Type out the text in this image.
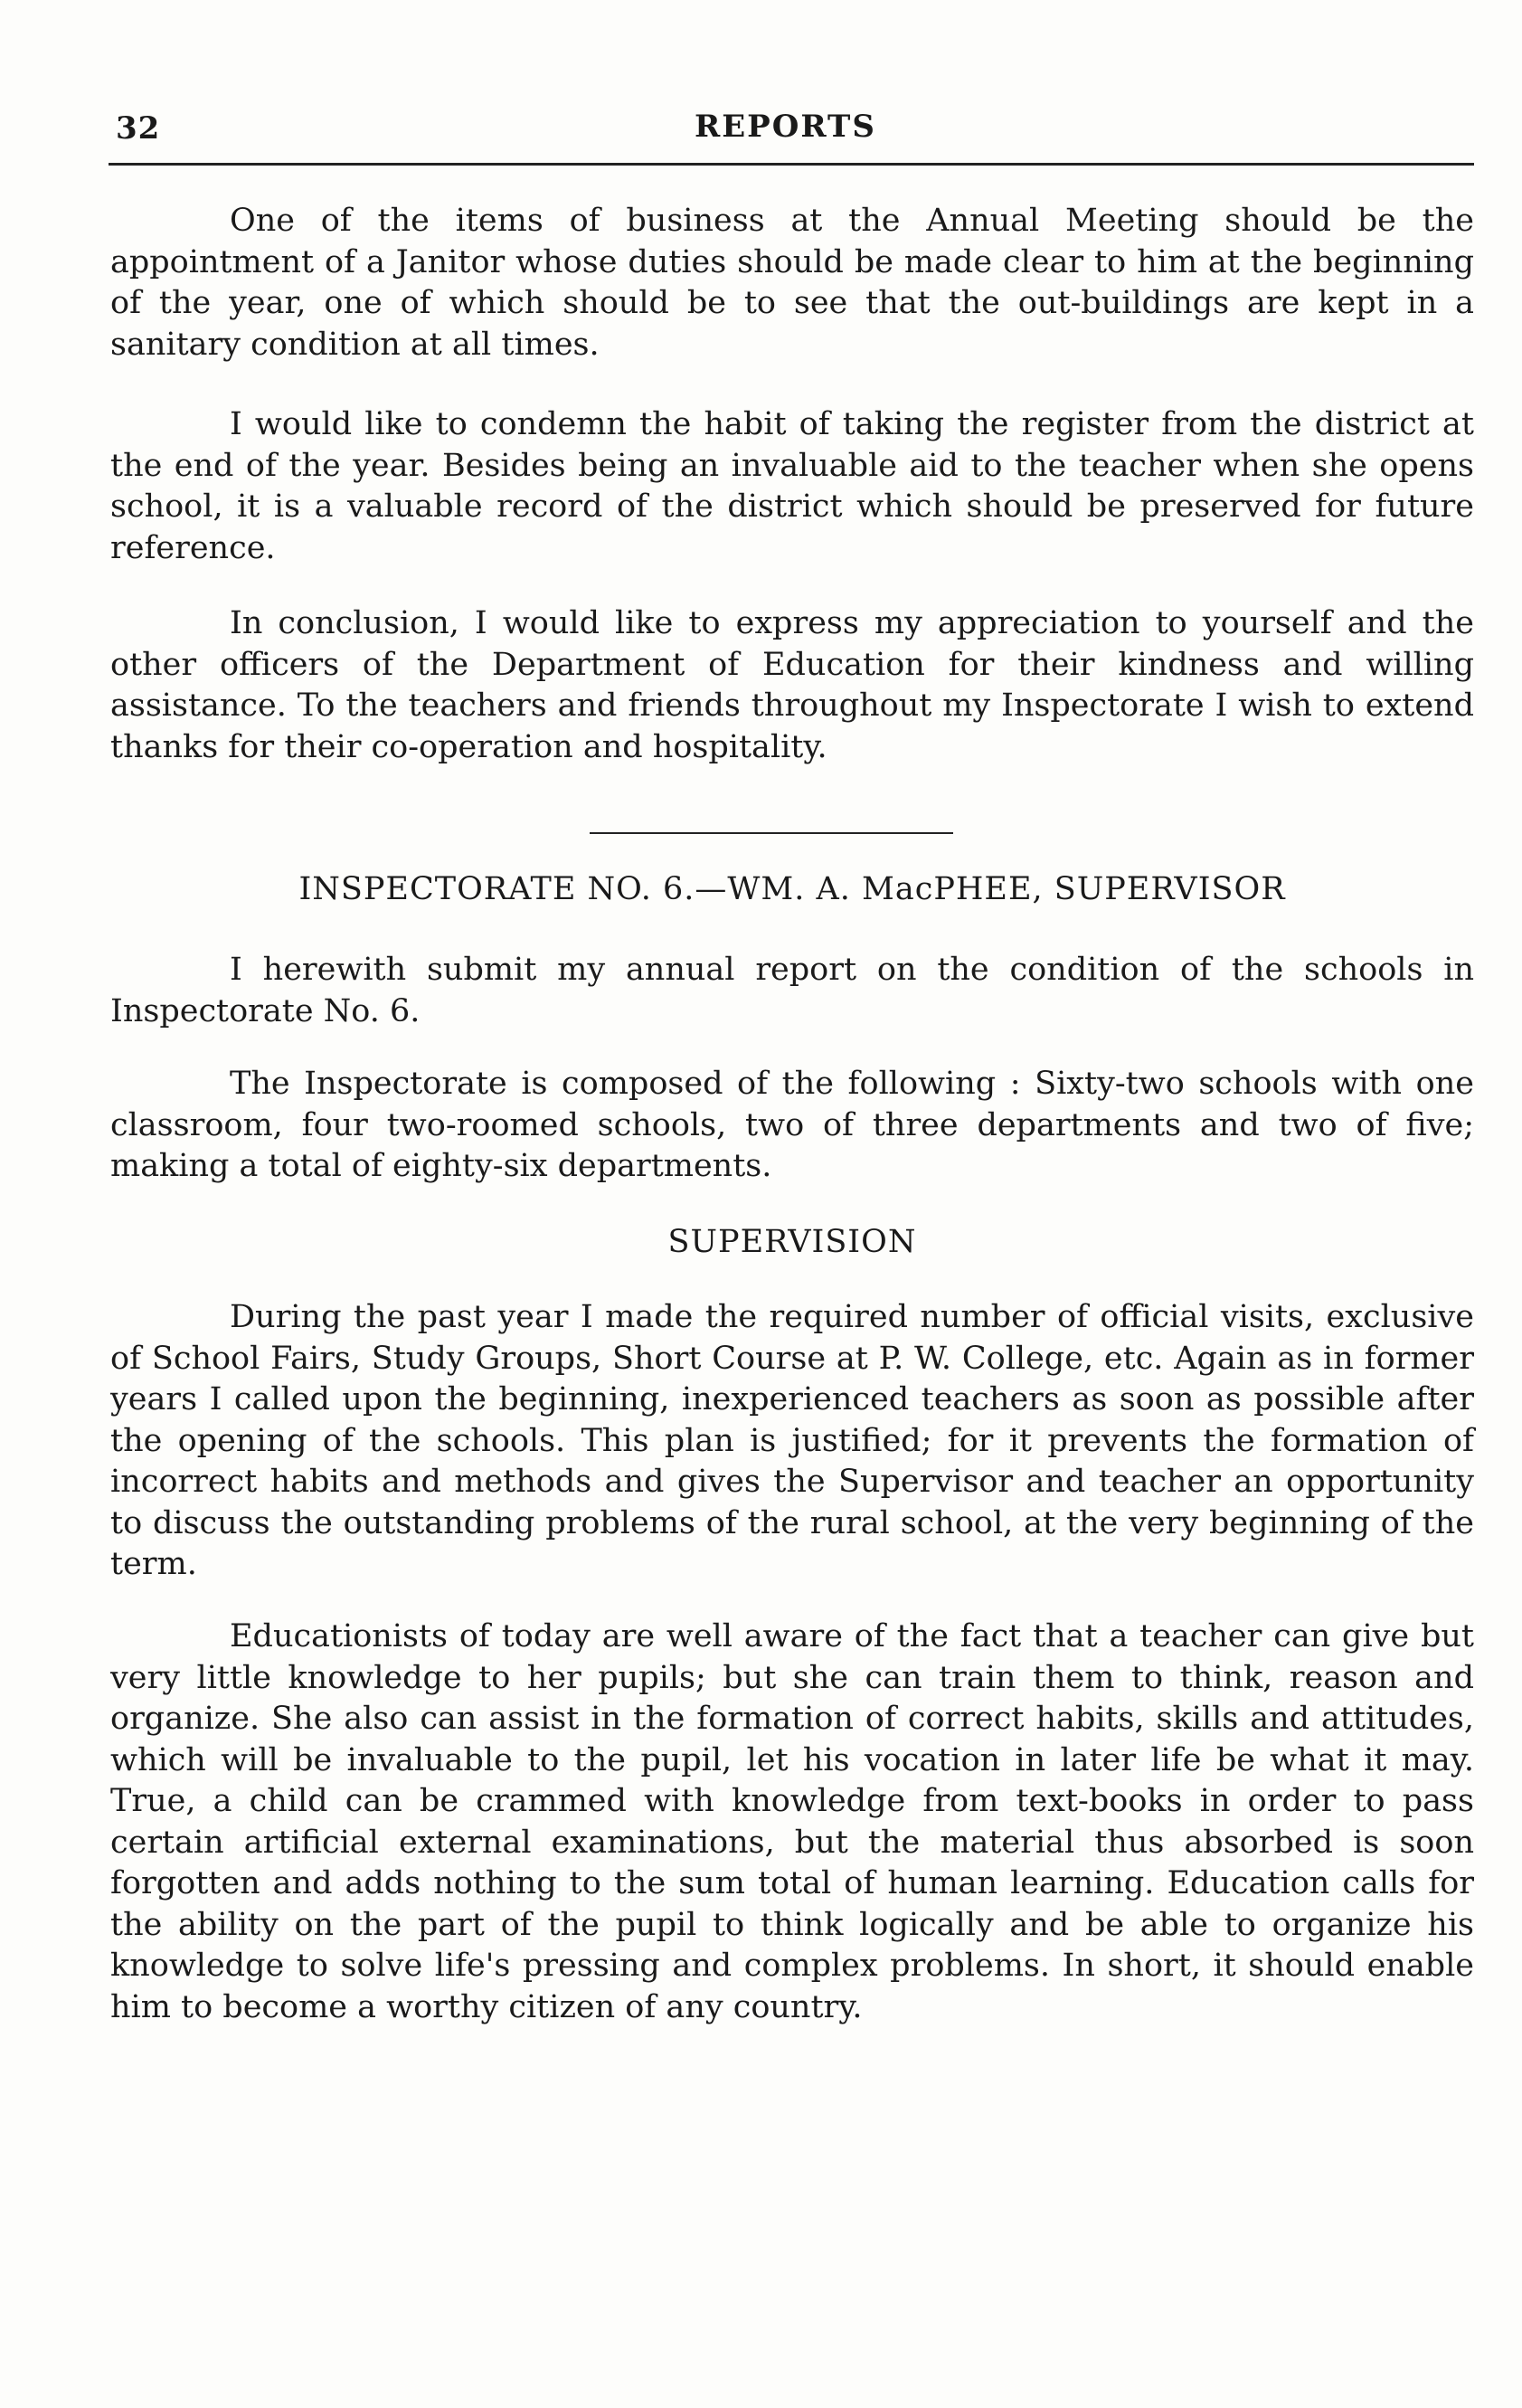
32	REPORTS

One of the items of business at the Annual Meeting should be the appointment of a Janitor whose duties should be made clear to him at the beginning of the year, one of which should be to see that the out-buildings are kept in a sanitary condition at all times.

I would like to condemn the habit of taking the register from the district at the end of the year. Besides being an invaluable aid to the teacher when she opens school, it is a valuable record of the district which should be preserved for future reference.

In conclusion, I would like to express my appreciation to yourself and the other officers of the Department of Education for their kindness and willing assistance. To the teachers and friends throughout my Inspectorate I wish to extend thanks for their co-operation and hospitality.

INSPECTORATE NO. 6.—WM. A. MacPHEE, SUPERVISOR

I herewith submit my annual report on the condition of the schools in Inspectorate No. 6.

The Inspectorate is composed of the following : Sixty-two schools with one classroom, four two-roomed schools, two of three departments and two of five; making a total of eighty-six departments.

SUPERVISION

During the past year I made the required number of official visits, exclusive of School Fairs, Study Groups, Short Course at P. W. College, etc. Again as in former years I called upon the beginning, inexperienced teachers as soon as possible after the opening of the schools. This plan is justified; for it prevents the formation of incorrect habits and methods and gives the Supervisor and teacher an opportunity to discuss the outstanding problems of the rural school, at the very beginning of the term.

Educationists of today are well aware of the fact that a teacher can give but very little knowledge to her pupils; but she can train them to think, reason and organize. She also can assist in the formation of correct habits, skills and attitudes, which will be invaluable to the pupil, let his vocation in later life be what it may. True, a child can be crammed with knowledge from text-books in order to pass certain artificial external examinations, but the material thus absorbed is soon forgotten and adds nothing to the sum total of human learning. Education calls for the ability on the part of the pupil to think logically and be able to organize his knowledge to solve life's pressing and complex problems. In short, it should enable him to become a worthy citizen of any country.
